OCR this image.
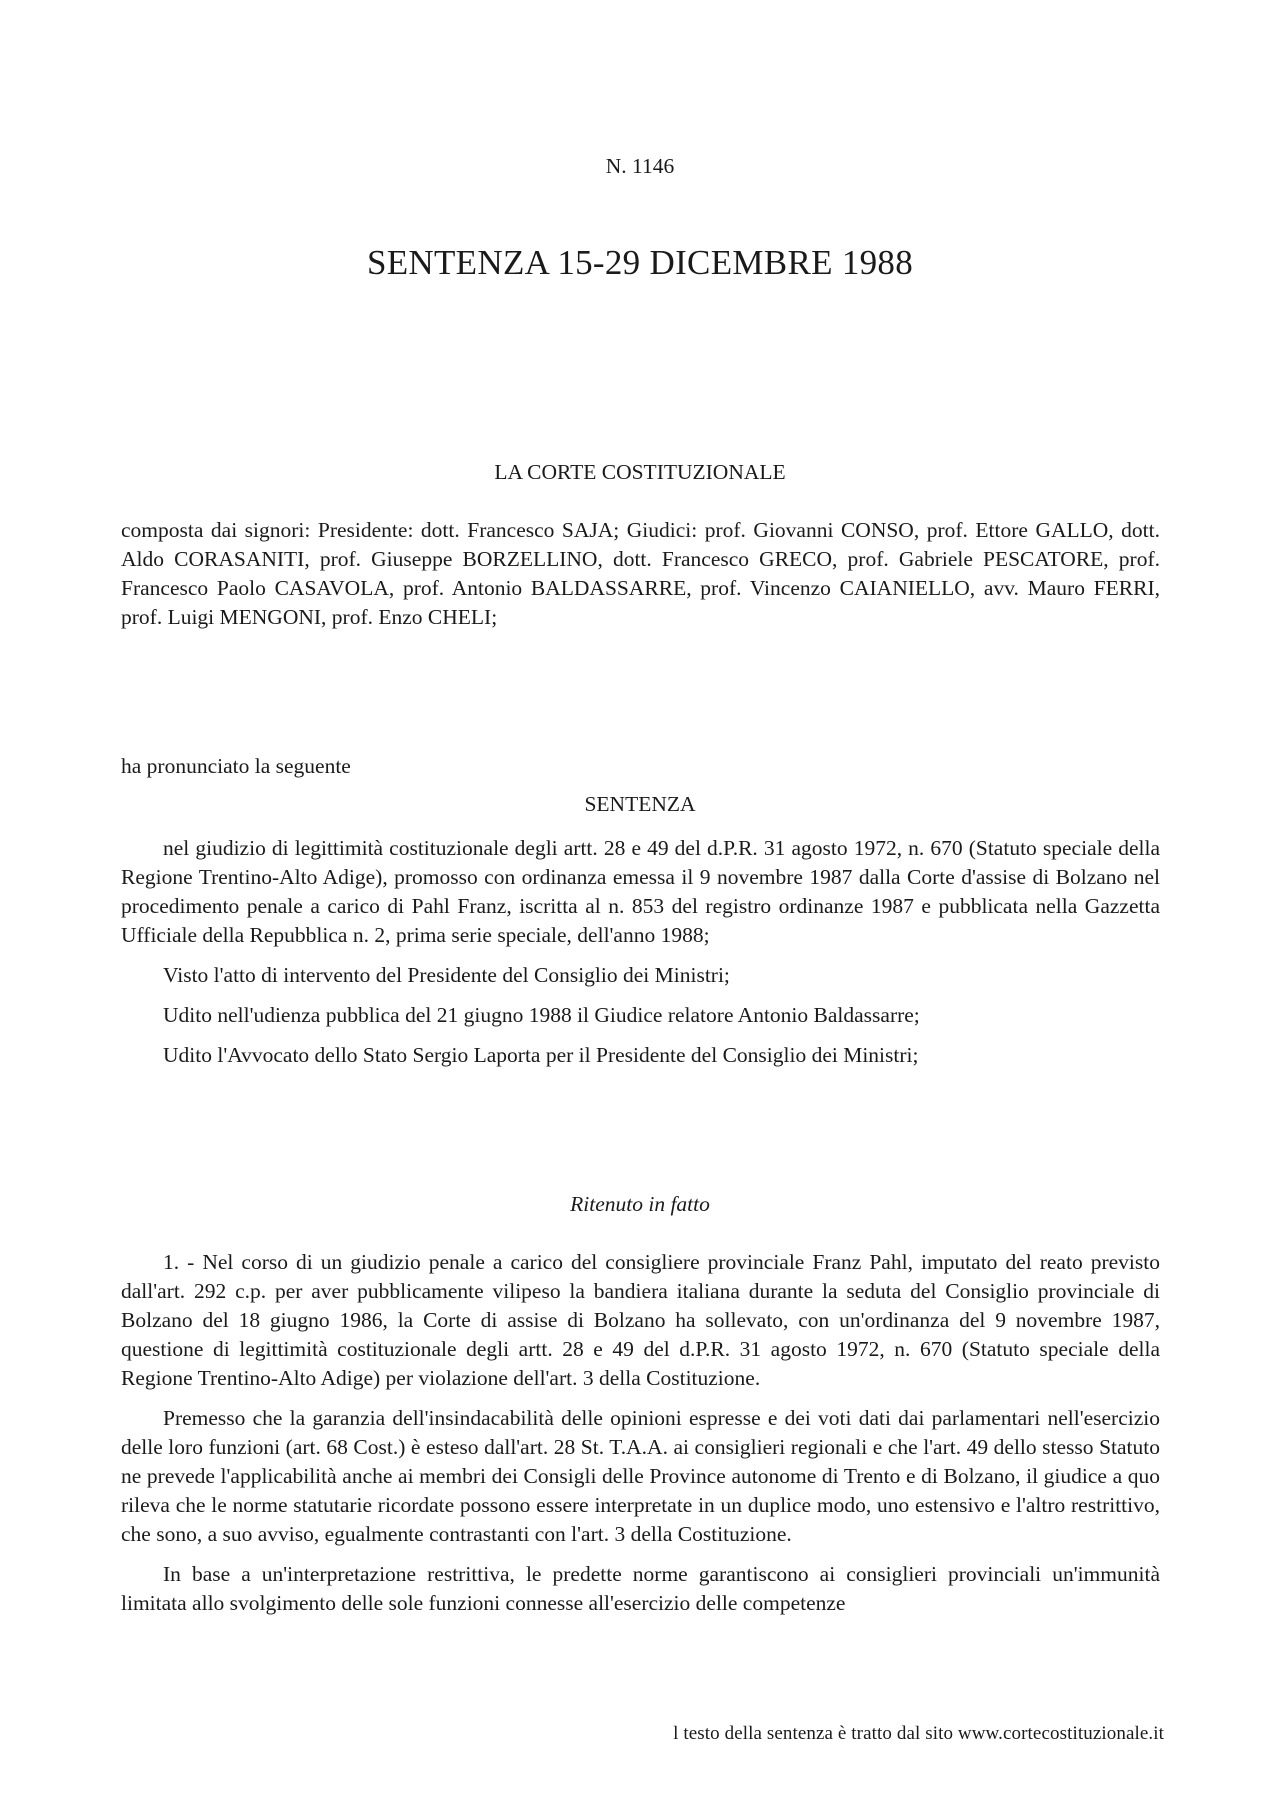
N. 1146
SENTENZA 15-29 DICEMBRE 1988
LA CORTE COSTITUZIONALE

composta dai signori: Presidente: dott. Francesco SAJA; Giudici: prof. Giovanni CONSO, prof. Ettore GALLO, dott. Aldo CORASANITI, prof. Giuseppe BORZELLINO, dott. Francesco GRECO, prof. Gabriele PESCATORE, prof. Francesco Paolo CASAVOLA, prof. Antonio BALDASSARRE, prof. Vincenzo CAIANIELLO, avv. Mauro FERRI, prof. Luigi MENGONI, prof. Enzo CHELI;

ha pronunciato la seguente

SENTENZA

nel giudizio di legittimità costituzionale degli artt. 28 e 49 del d.P.R. 31 agosto 1972, n. 670 (Statuto speciale della Regione Trentino-Alto Adige), promosso con ordinanza emessa il 9 novembre 1987 dalla Corte d'assise di Bolzano nel procedimento penale a carico di Pahl Franz, iscritta al n. 853 del registro ordinanze 1987 e pubblicata nella Gazzetta Ufficiale della Repubblica n. 2, prima serie speciale, dell'anno 1988;

Visto l'atto di intervento del Presidente del Consiglio dei Ministri;

Udito nell'udienza pubblica del 21 giugno 1988 il Giudice relatore Antonio Baldassarre;

Udito l'Avvocato dello Stato Sergio Laporta per il Presidente del Consiglio dei Ministri;

Ritenuto in fatto

1. - Nel corso di un giudizio penale a carico del consigliere provinciale Franz Pahl, imputato del reato previsto dall'art. 292 c.p. per aver pubblicamente vilipeso la bandiera italiana durante la seduta del Consiglio provinciale di Bolzano del 18 giugno 1986, la Corte di assise di Bolzano ha sollevato, con un'ordinanza del 9 novembre 1987, questione di legittimità costituzionale degli artt. 28 e 49 del d.P.R. 31 agosto 1972, n. 670 (Statuto speciale della Regione Trentino-Alto Adige) per violazione dell'art. 3 della Costituzione.

Premesso che la garanzia dell'insindacabilità delle opinioni espresse e dei voti dati dai parlamentari nell'esercizio delle loro funzioni (art. 68 Cost.) è esteso dall'art. 28 St. T.A.A. ai consiglieri regionali e che l'art. 49 dello stesso Statuto ne prevede l'applicabilità anche ai membri dei Consigli delle Province autonome di Trento e di Bolzano, il giudice a quo rileva che le norme statutarie ricordate possono essere interpretate in un duplice modo, uno estensivo e l'altro restrittivo, che sono, a suo avviso, egualmente contrastanti con l'art. 3 della Costituzione.

In base a un'interpretazione restrittiva, le predette norme garantiscono ai consiglieri provinciali un'immunità limitata allo svolgimento delle sole funzioni connesse all'esercizio delle competenze

l testo della sentenza è tratto dal sito www.cortecostituzionale.it
